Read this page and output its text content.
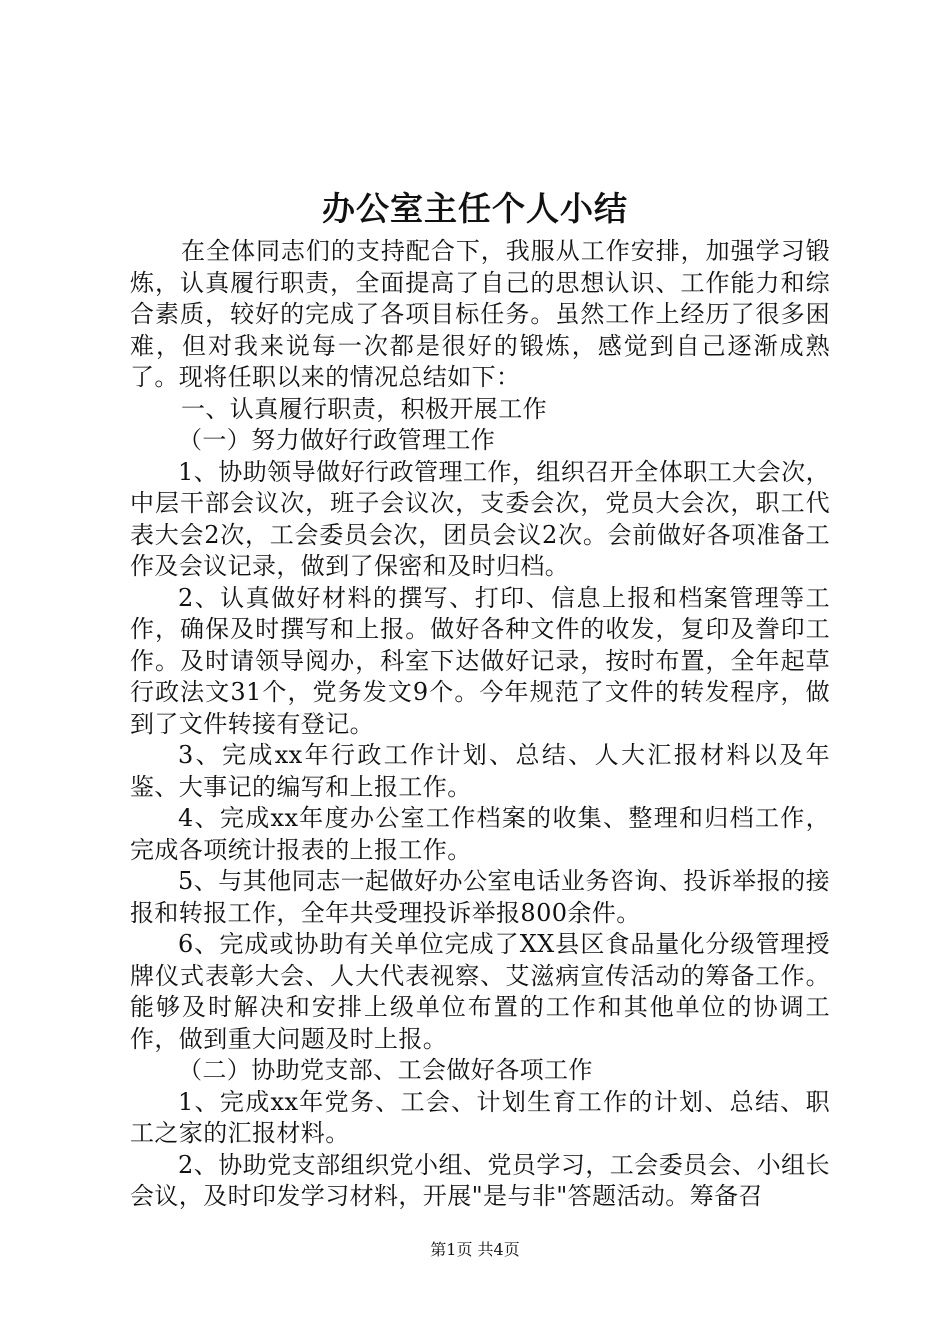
办公室主任个人小结

在全体同志们的支持配合下，我服从工作安排，加强学习锻炼，认真履行职责，全面提高了自己的思想认识、工作能力和综合素质，较好的完成了各项目标任务。虽然工作上经历了很多困难，但对我来说每一次都是很好的锻炼，感觉到自己逐渐成熟了。现将任职以来的情况总结如下：

一、认真履行职责，积极开展工作

（一）努力做好行政管理工作

1、协助领导做好行政管理工作，组织召开全体职工大会次，中层干部会议次，班子会议次，支委会次，党员大会次，职工代表大会2次，工会委员会次，团员会议2次。会前做好各项准备工作及会议记录，做到了保密和及时归档。

2、认真做好材料的撰写、打印、信息上报和档案管理等工作，确保及时撰写和上报。做好各种文件的收发，复印及誊印工作。及时请领导阅办，科室下达做好记录，按时布置，全年起草行政法文31个，党务发文9个。今年规范了文件的转发程序，做到了文件转接有登记。

3、完成xx年行政工作计划、总结、人大汇报材料以及年鉴、大事记的编写和上报工作。

4、完成xx年度办公室工作档案的收集、整理和归档工作，完成各项统计报表的上报工作。

5、与其他同志一起做好办公室电话业务咨询、投诉举报的接报和转报工作，全年共受理投诉举报800余件。

6、完成或协助有关单位完成了XX县区食品量化分级管理授牌仪式表彰大会、人大代表视察、艾滋病宣传活动的筹备工作。能够及时解决和安排上级单位布置的工作和其他单位的协调工作，做到重大问题及时上报。

（二）协助党支部、工会做好各项工作

1、完成xx年党务、工会、计划生育工作的计划、总结、职工之家的汇报材料。

2、协助党支部组织党小组、党员学习，工会委员会、小组长会议，及时印发学习材料，开展"是与非"答题活动。筹备召

第1页 共4页
